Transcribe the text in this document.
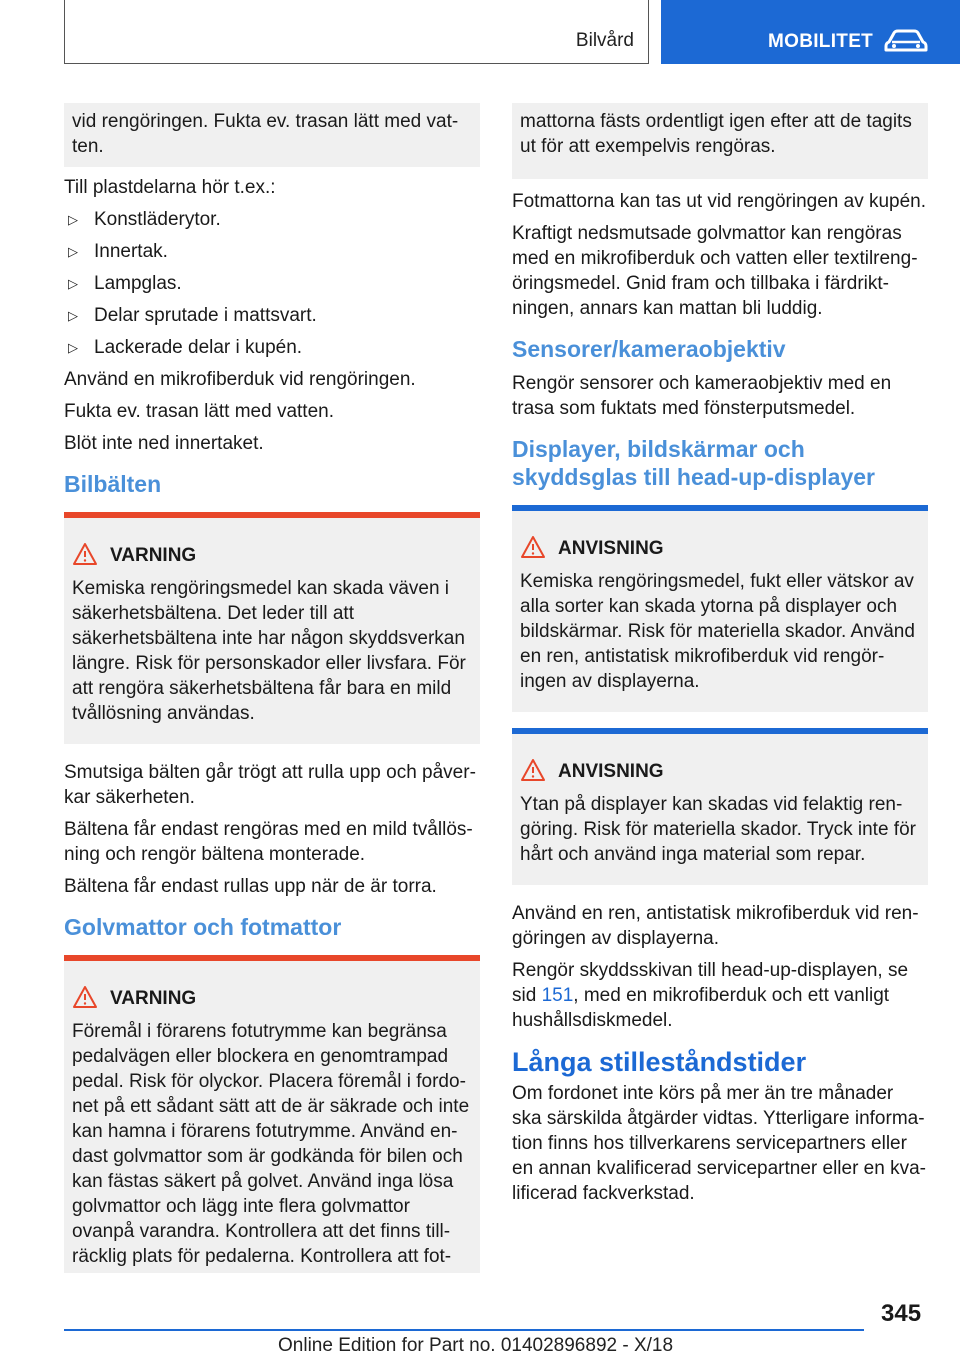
Bilvård	MOBILITET

vid rengöringen. Fukta ev. trasan lätt med vatten.

Till plastdelarna hör t.ex.:

▷ Konstläderytor.
▷ Innertak.
▷ Lampglas.
▷ Delar sprutade i mattsvart.
▷ Lackerade delar i kupén.

Använd en mikrofiberduk vid rengöringen.

Fukta ev. trasan lätt med vatten.

Blöt inte ned innertaket.

Bilbälten
VARNING

Kemiska rengöringsmedel kan skada väven i säkerhetsbältena. Det leder till att säkerhetsbältena inte har någon skyddsverkan längre. Risk för personskador eller livsfara. För att rengöra säkerhetsbältena får bara en mild tvållösning användas.

Smutsiga bälten går trögt att rulla upp och påverkar säkerheten.

Bältena får endast rengöras med en mild tvållösning och rengör bältena monterade.

Bältena får endast rullas upp när de är torra.

Golvmattor och fotmattor
VARNING

Föremål i förarens fotutrymme kan begränsa pedalvägen eller blockera en genomtrampad pedal. Risk för olyckor. Placera föremål i fordonet på ett sådant sätt att de är säkrade och inte kan hamna i förarens fotutrymme. Använd endast golvmattor som är godkända för bilen och kan fästas säkert på golvet. Använd inga lösa golvmattor och lägg inte flera golvmattor ovanpå varandra. Kontrollera att det finns tillräcklig plats för pedalerna. Kontrollera att fot-

mattorna fästs ordentligt igen efter att de tagits ut för att exempelvis rengöras.

Fotmattorna kan tas ut vid rengöringen av kupén.

Kraftigt nedsmutsade golvmattor kan rengöras med en mikrofiberduk och vatten eller textilrengöringsmedel. Gnid fram och tillbaka i färdriktningen, annars kan mattan bli luddig.

Sensorer/kameraobjektiv

Rengör sensorer och kameraobjektiv med en trasa som fuktats med fönsterputsmedel.

Displayer, bildskärmar och skyddsglas till head-up-displayer
ANVISNING

Kemiska rengöringsmedel, fukt eller vätskor av alla sorter kan skada ytorna på displayer och bildskärmar. Risk för materiella skador. Använd en ren, antistatisk mikrofiberduk vid rengöringen av displayerna.

ANVISNING

Ytan på displayer kan skadas vid felaktig rengöring. Risk för materiella skador. Tryck inte för hårt och använd inga material som repar.

Använd en ren, antistatisk mikrofiberduk vid rengöringen av displayerna.

Rengör skyddsskivan till head-up-displayen, se sid 151, med en mikrofiberduk och ett vanligt hushållsdiskmedel.

Långa stilleståndstider

Om fordonet inte körs på mer än tre månader ska särskilda åtgärder vidtas. Ytterligare information finns hos tillverkarens servicepartners eller en annan kvalificerad servicepartner eller en kvalificerad fackverkstad.

345
Online Edition for Part no. 01402896892 - X/18
